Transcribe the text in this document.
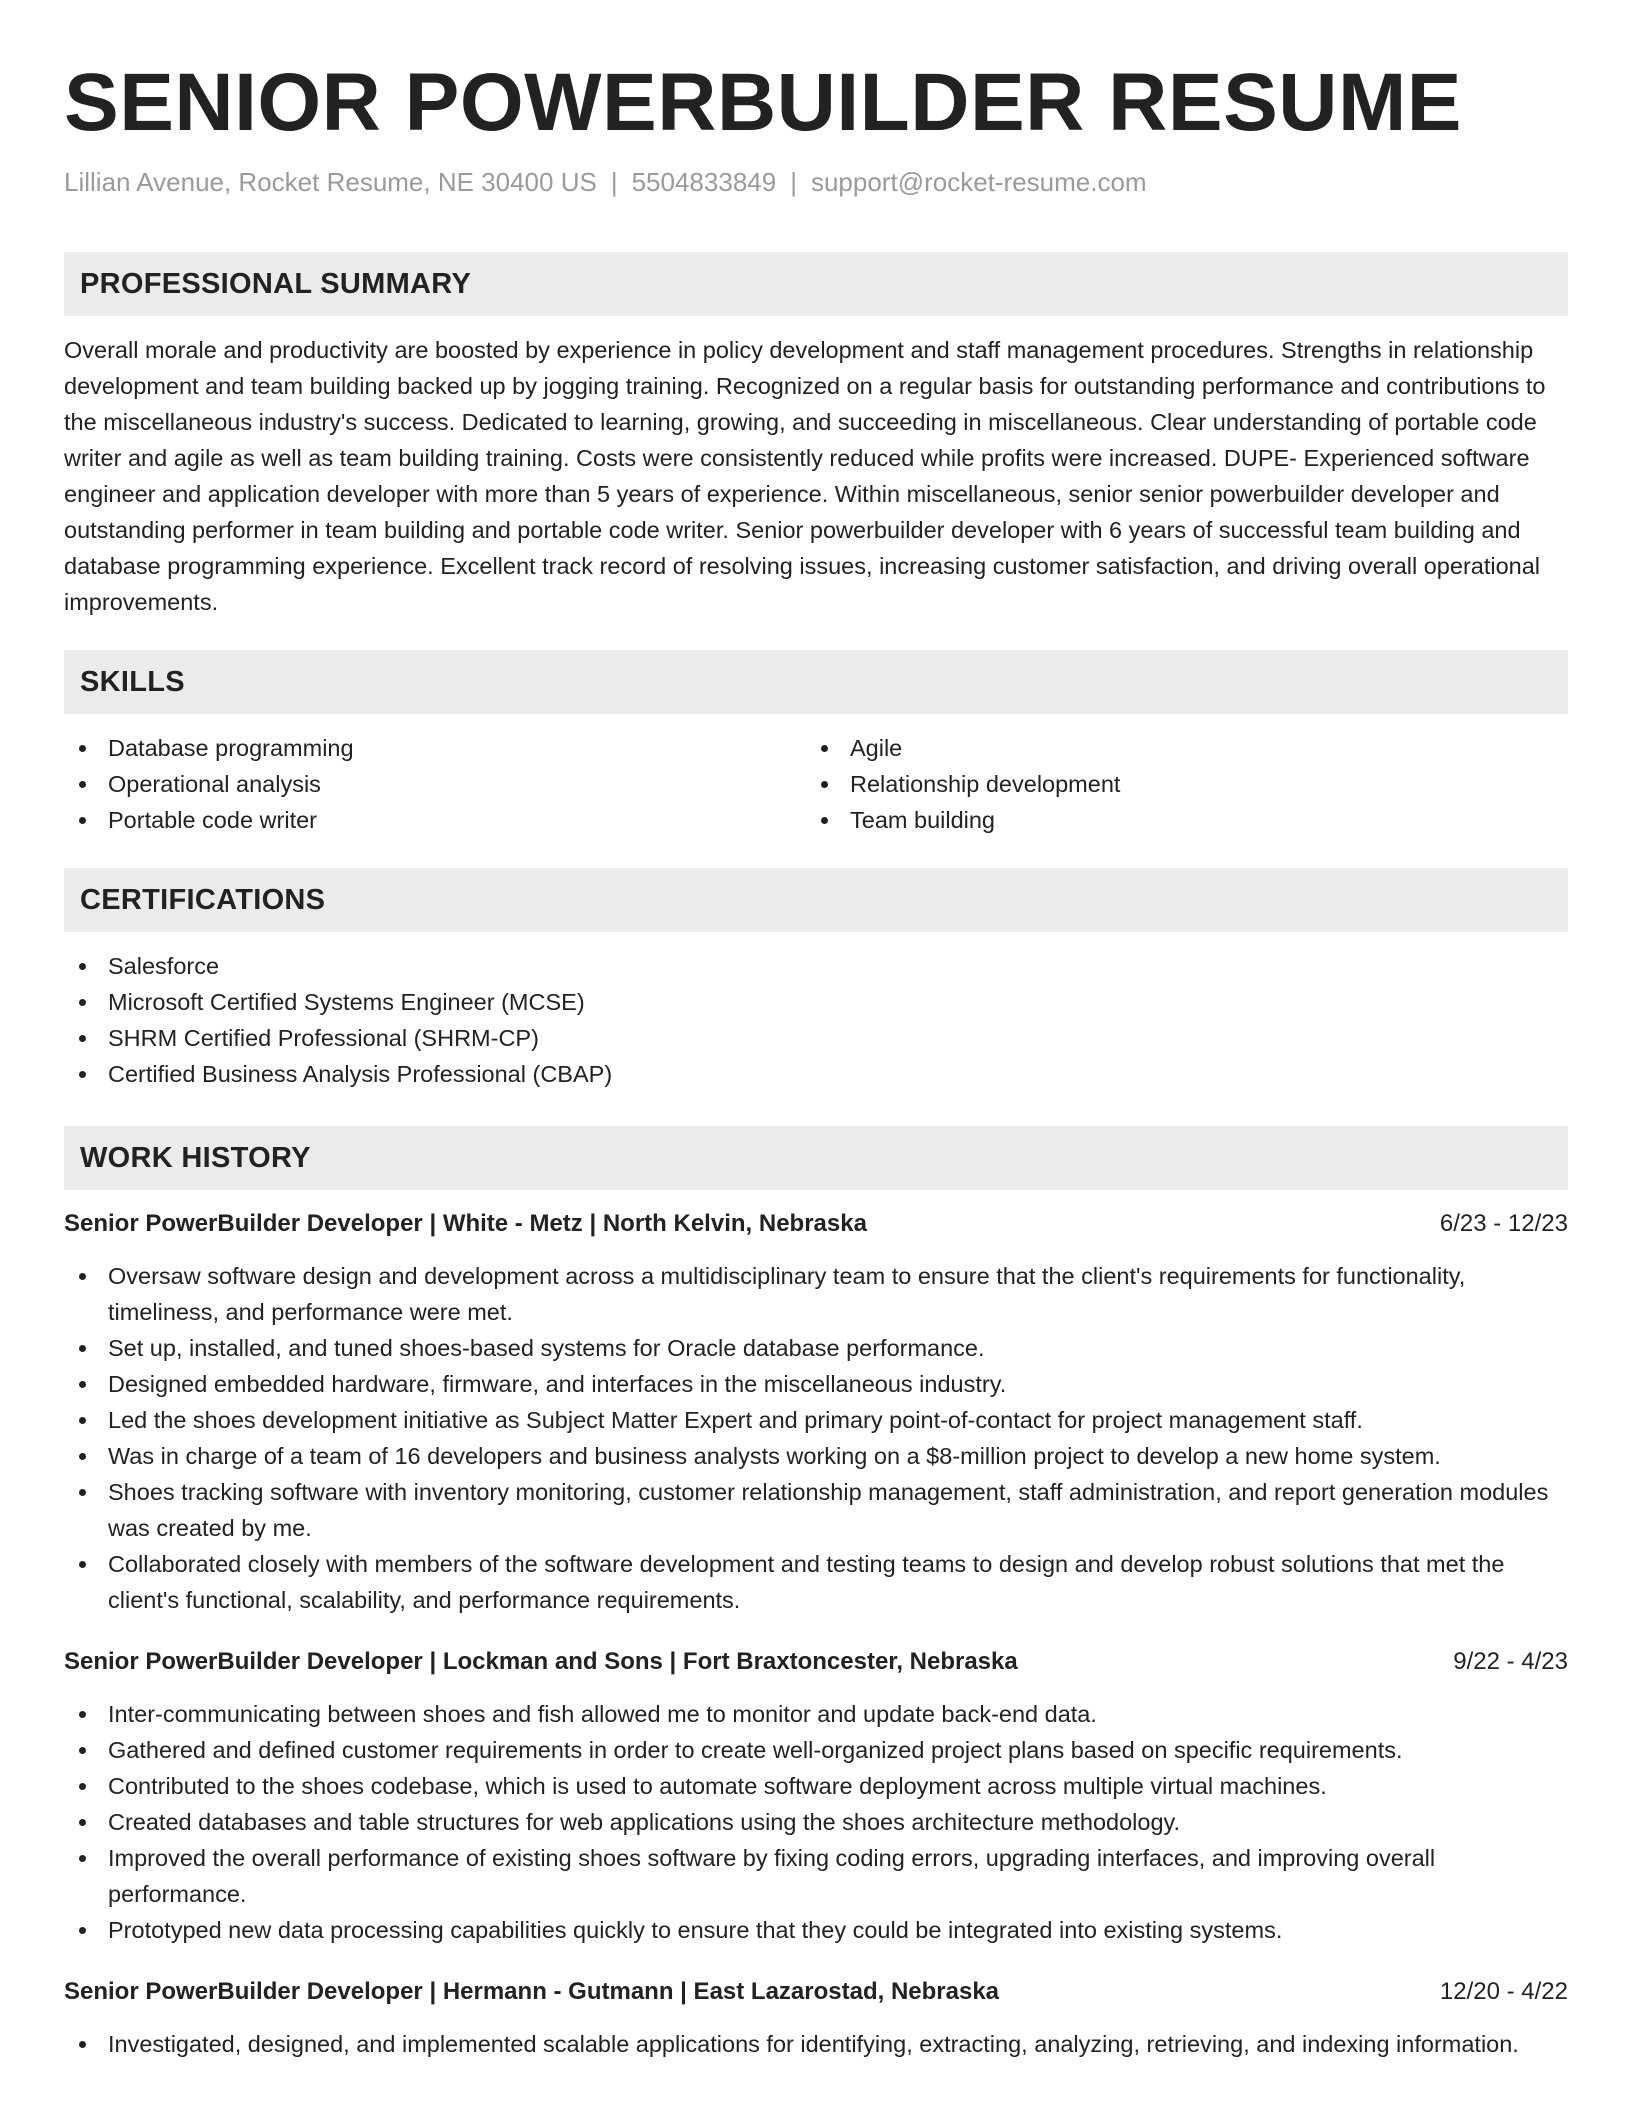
SENIOR POWERBUILDER RESUME
Lillian Avenue, Rocket Resume, NE 30400 US | 5504833849 | support@rocket-resume.com
PROFESSIONAL SUMMARY

Overall morale and productivity are boosted by experience in policy development and staff management procedures. Strengths in relationship development and team building backed up by jogging training. Recognized on a regular basis for outstanding performance and contributions to the miscellaneous industry's success. Dedicated to learning, growing, and succeeding in miscellaneous. Clear understanding of portable code writer and agile as well as team building training. Costs were consistently reduced while profits were increased. DUPE- Experienced software engineer and application developer with more than 5 years of experience. Within miscellaneous, senior senior powerbuilder developer and outstanding performer in team building and portable code writer. Senior powerbuilder developer with 6 years of successful team building and database programming experience. Excellent track record of resolving issues, increasing customer satisfaction, and driving overall operational improvements.

SKILLS
Database programming
Operational analysis
Portable code writer
Agile
Relationship development
Team building
CERTIFICATIONS
Salesforce
Microsoft Certified Systems Engineer (MCSE)
SHRM Certified Professional (SHRM-CP)
Certified Business Analysis Professional (CBAP)
WORK HISTORY
Senior PowerBuilder Developer | White - Metz | North Kelvin, Nebraska	6/23 - 12/23
Oversaw software design and development across a multidisciplinary team to ensure that the client's requirements for functionality, timeliness, and performance were met.
Set up, installed, and tuned shoes-based systems for Oracle database performance.
Designed embedded hardware, firmware, and interfaces in the miscellaneous industry.
Led the shoes development initiative as Subject Matter Expert and primary point-of-contact for project management staff.
Was in charge of a team of 16 developers and business analysts working on a $8-million project to develop a new home system.
Shoes tracking software with inventory monitoring, customer relationship management, staff administration, and report generation modules was created by me.
Collaborated closely with members of the software development and testing teams to design and develop robust solutions that met the client's functional, scalability, and performance requirements.
Senior PowerBuilder Developer | Lockman and Sons | Fort Braxtoncester, Nebraska	9/22 - 4/23
Inter-communicating between shoes and fish allowed me to monitor and update back-end data.
Gathered and defined customer requirements in order to create well-organized project plans based on specific requirements.
Contributed to the shoes codebase, which is used to automate software deployment across multiple virtual machines.
Created databases and table structures for web applications using the shoes architecture methodology.
Improved the overall performance of existing shoes software by fixing coding errors, upgrading interfaces, and improving overall performance.
Prototyped new data processing capabilities quickly to ensure that they could be integrated into existing systems.
Senior PowerBuilder Developer | Hermann - Gutmann | East Lazarostad, Nebraska	12/20 - 4/22
Investigated, designed, and implemented scalable applications for identifying, extracting, analyzing, retrieving, and indexing information.
